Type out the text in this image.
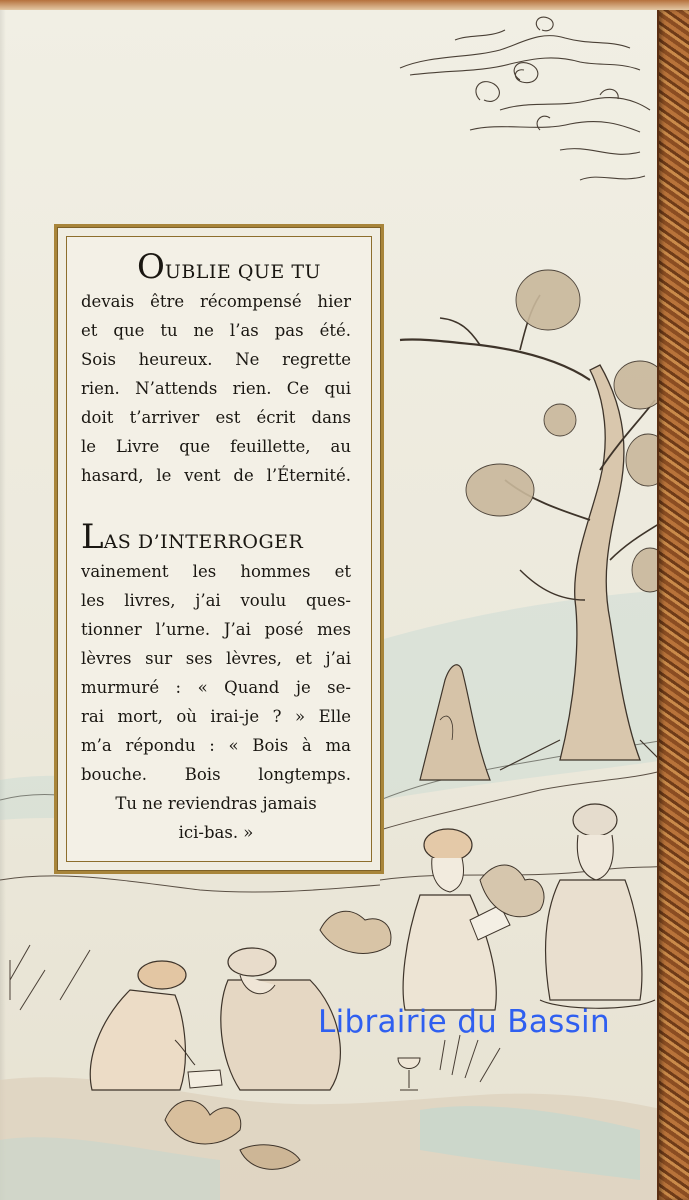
OUBLIE QUE TU
devais être récompensé hier
et que tu ne l’as pas été.
Sois heureux. Ne regrette
rien. N’attends rien. Ce qui
doit t’arriver est écrit dans
le Livre que feuillette, au
hasard, le vent de l’Éternité.
LAS D’INTERROGER
vainement les hommes et
les livres, j’ai voulu ques-
tionner l’urne. J’ai posé mes
lèvres sur ses lèvres, et j’ai
murmuré : « Quand je se-
rai mort, où irai-je ? » Elle
m’a répondu : « Bois à ma
bouche. Bois longtemps.
Tu ne reviendras jamais
ici-bas. »
Librairie du Bassin
